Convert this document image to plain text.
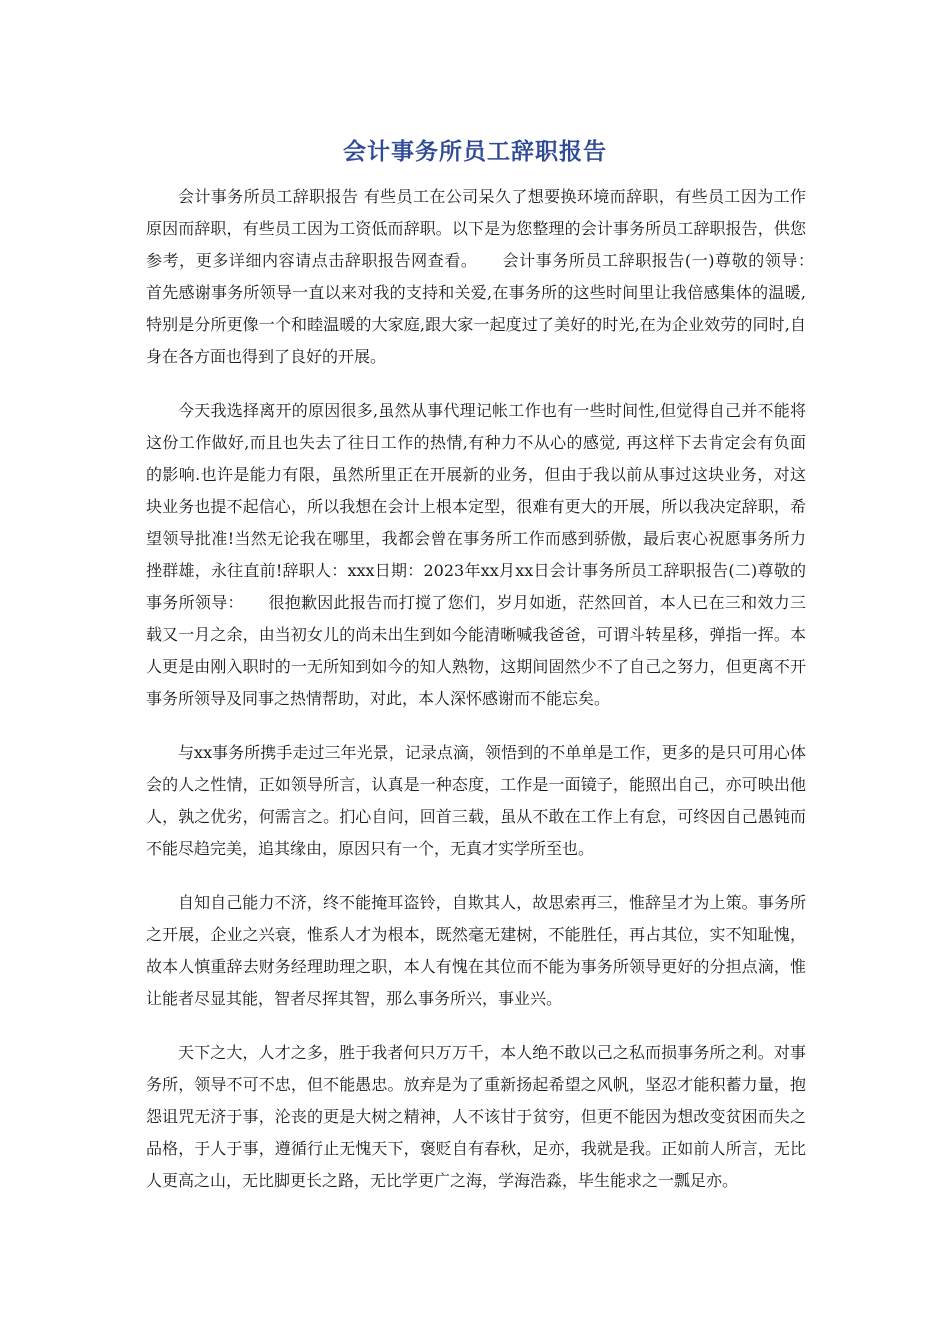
会计事务所员工辞职报告

会计事务所员工辞职报告 有些员工在公司呆久了想要换环境而辞职，有些员工因为工作原因而辞职，有些员工因为工资低而辞职。以下是为您整理的会计事务所员工辞职报告，供您参考，更多详细内容请点击辞职报告网查看。　　会计事务所员工辞职报告(一)尊敬的领导：　　首先感谢事务所领导一直以来对我的支持和关爱,在事务所的这些时间里让我倍感集体的温暖,特别是分所更像一个和睦温暖的大家庭,跟大家一起度过了美好的时光,在为企业效劳的同时,自身在各方面也得到了良好的开展。

今天我选择离开的原因很多,虽然从事代理记帐工作也有一些时间性,但觉得自己并不能将这份工作做好,而且也失去了往日工作的热情,有种力不从心的感觉, 再这样下去肯定会有负面的影响.也许是能力有限，虽然所里正在开展新的业务，但由于我以前从事过这块业务，对这块业务也提不起信心，所以我想在会计上根本定型，很难有更大的开展，所以我决定辞职，希望领导批准!当然无论我在哪里，我都会曾在事务所工作而感到骄傲，最后衷心祝愿事务所力挫群雄，永往直前!辞职人：xxx日期：2023年xx月xx日会计事务所员工辞职报告(二)尊敬的事务所领导：　　很抱歉因此报告而打搅了您们，岁月如逝，茫然回首，本人已在三和效力三载又一月之余，由当初女儿的尚未出生到如今能清晰喊我爸爸，可谓斗转星移，弹指一挥。本人更是由刚入职时的一无所知到如今的知人熟物，这期间固然少不了自己之努力，但更离不开事务所领导及同事之热情帮助，对此，本人深怀感谢而不能忘矣。

与xx事务所携手走过三年光景，记录点滴，领悟到的不单单是工作，更多的是只可用心体会的人之性情，正如领导所言，认真是一种态度，工作是一面镜子，能照出自己，亦可映出他人，孰之优劣，何需言之。扪心自问，回首三载，虽从不敢在工作上有怠，可终因自己愚钝而不能尽趋完美，追其缘由，原因只有一个，无真才实学所至也。

自知自己能力不济，终不能掩耳盗铃，自欺其人，故思索再三，惟辞呈才为上策。事务所之开展，企业之兴衰，惟系人才为根本，既然毫无建树，不能胜任，再占其位，实不知耻愧，故本人慎重辞去财务经理助理之职，本人有愧在其位而不能为事务所领导更好的分担点滴，惟让能者尽显其能，智者尽挥其智，那么事务所兴，事业兴。

天下之大，人才之多，胜于我者何只万万千，本人绝不敢以己之私而损事务所之利。对事务所，领导不可不忠，但不能愚忠。放弃是为了重新扬起希望之风帆，坚忍才能积蓄力量，抱怨诅咒无济于事，沦丧的更是大树之精神，人不该甘于贫穷，但更不能因为想改变贫困而失之品格，于人于事，遵循行止无愧天下，褒贬自有春秋，足亦，我就是我。正如前人所言，无比人更高之山，无比脚更长之路，无比学更广之海，学海浩淼，毕生能求之一瓢足亦。
